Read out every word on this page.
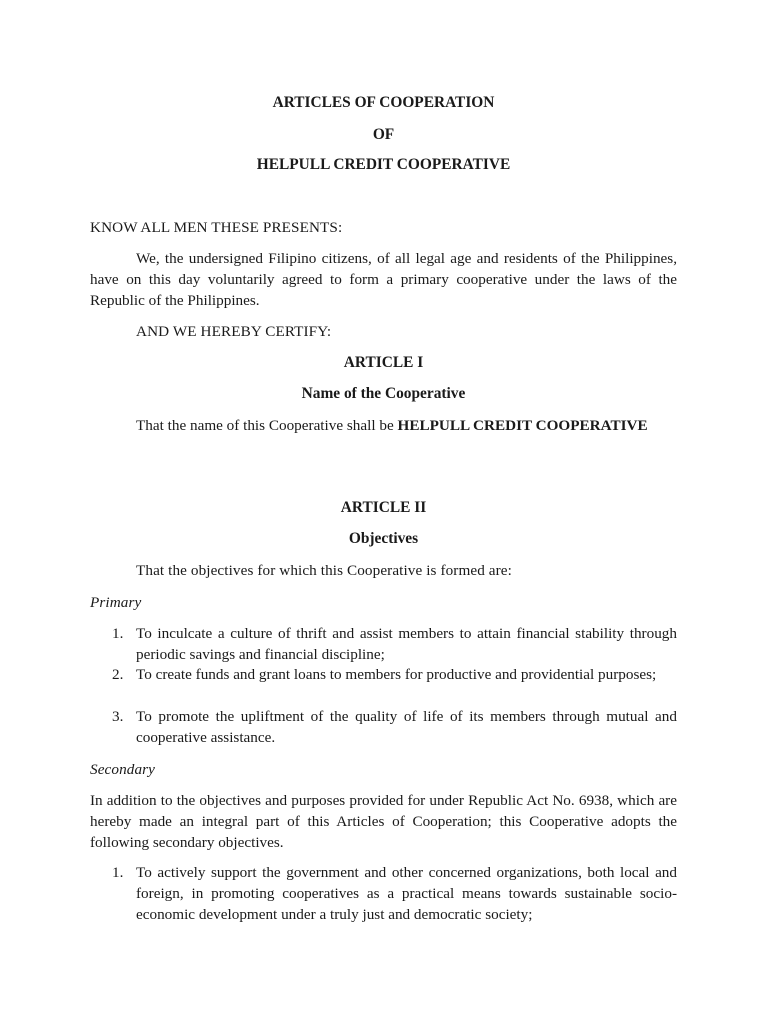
ARTICLES OF COOPERATION

OF

HELPULL CREDIT COOPERATIVE

KNOW ALL MEN THESE PRESENTS:

We, the undersigned Filipino citizens, of all legal age and residents of the Philippines, have on this day voluntarily agreed to form a primary cooperative under the laws of the Republic of the Philippines.

AND WE HEREBY CERTIFY:

ARTICLE I

Name of the Cooperative

That the name of this Cooperative shall be HELPULL CREDIT COOPERATIVE

ARTICLE II

Objectives

That the objectives for which this Cooperative is formed are:

Primary

1. To inculcate a culture of thrift and assist members to attain financial stability through periodic savings and financial discipline;
2. To create funds and grant loans to members for productive and providential purposes;
3. To promote the upliftment of the quality of life of its members through mutual and cooperative assistance.

Secondary

In addition to the objectives and purposes provided for under Republic Act No. 6938, which are hereby made an integral part of this Articles of Cooperation; this Cooperative adopts the following secondary objectives.

1. To actively support the government and other concerned organizations, both local and foreign, in promoting cooperatives as a practical means towards sustainable socio-economic development under a truly just and democratic society;
